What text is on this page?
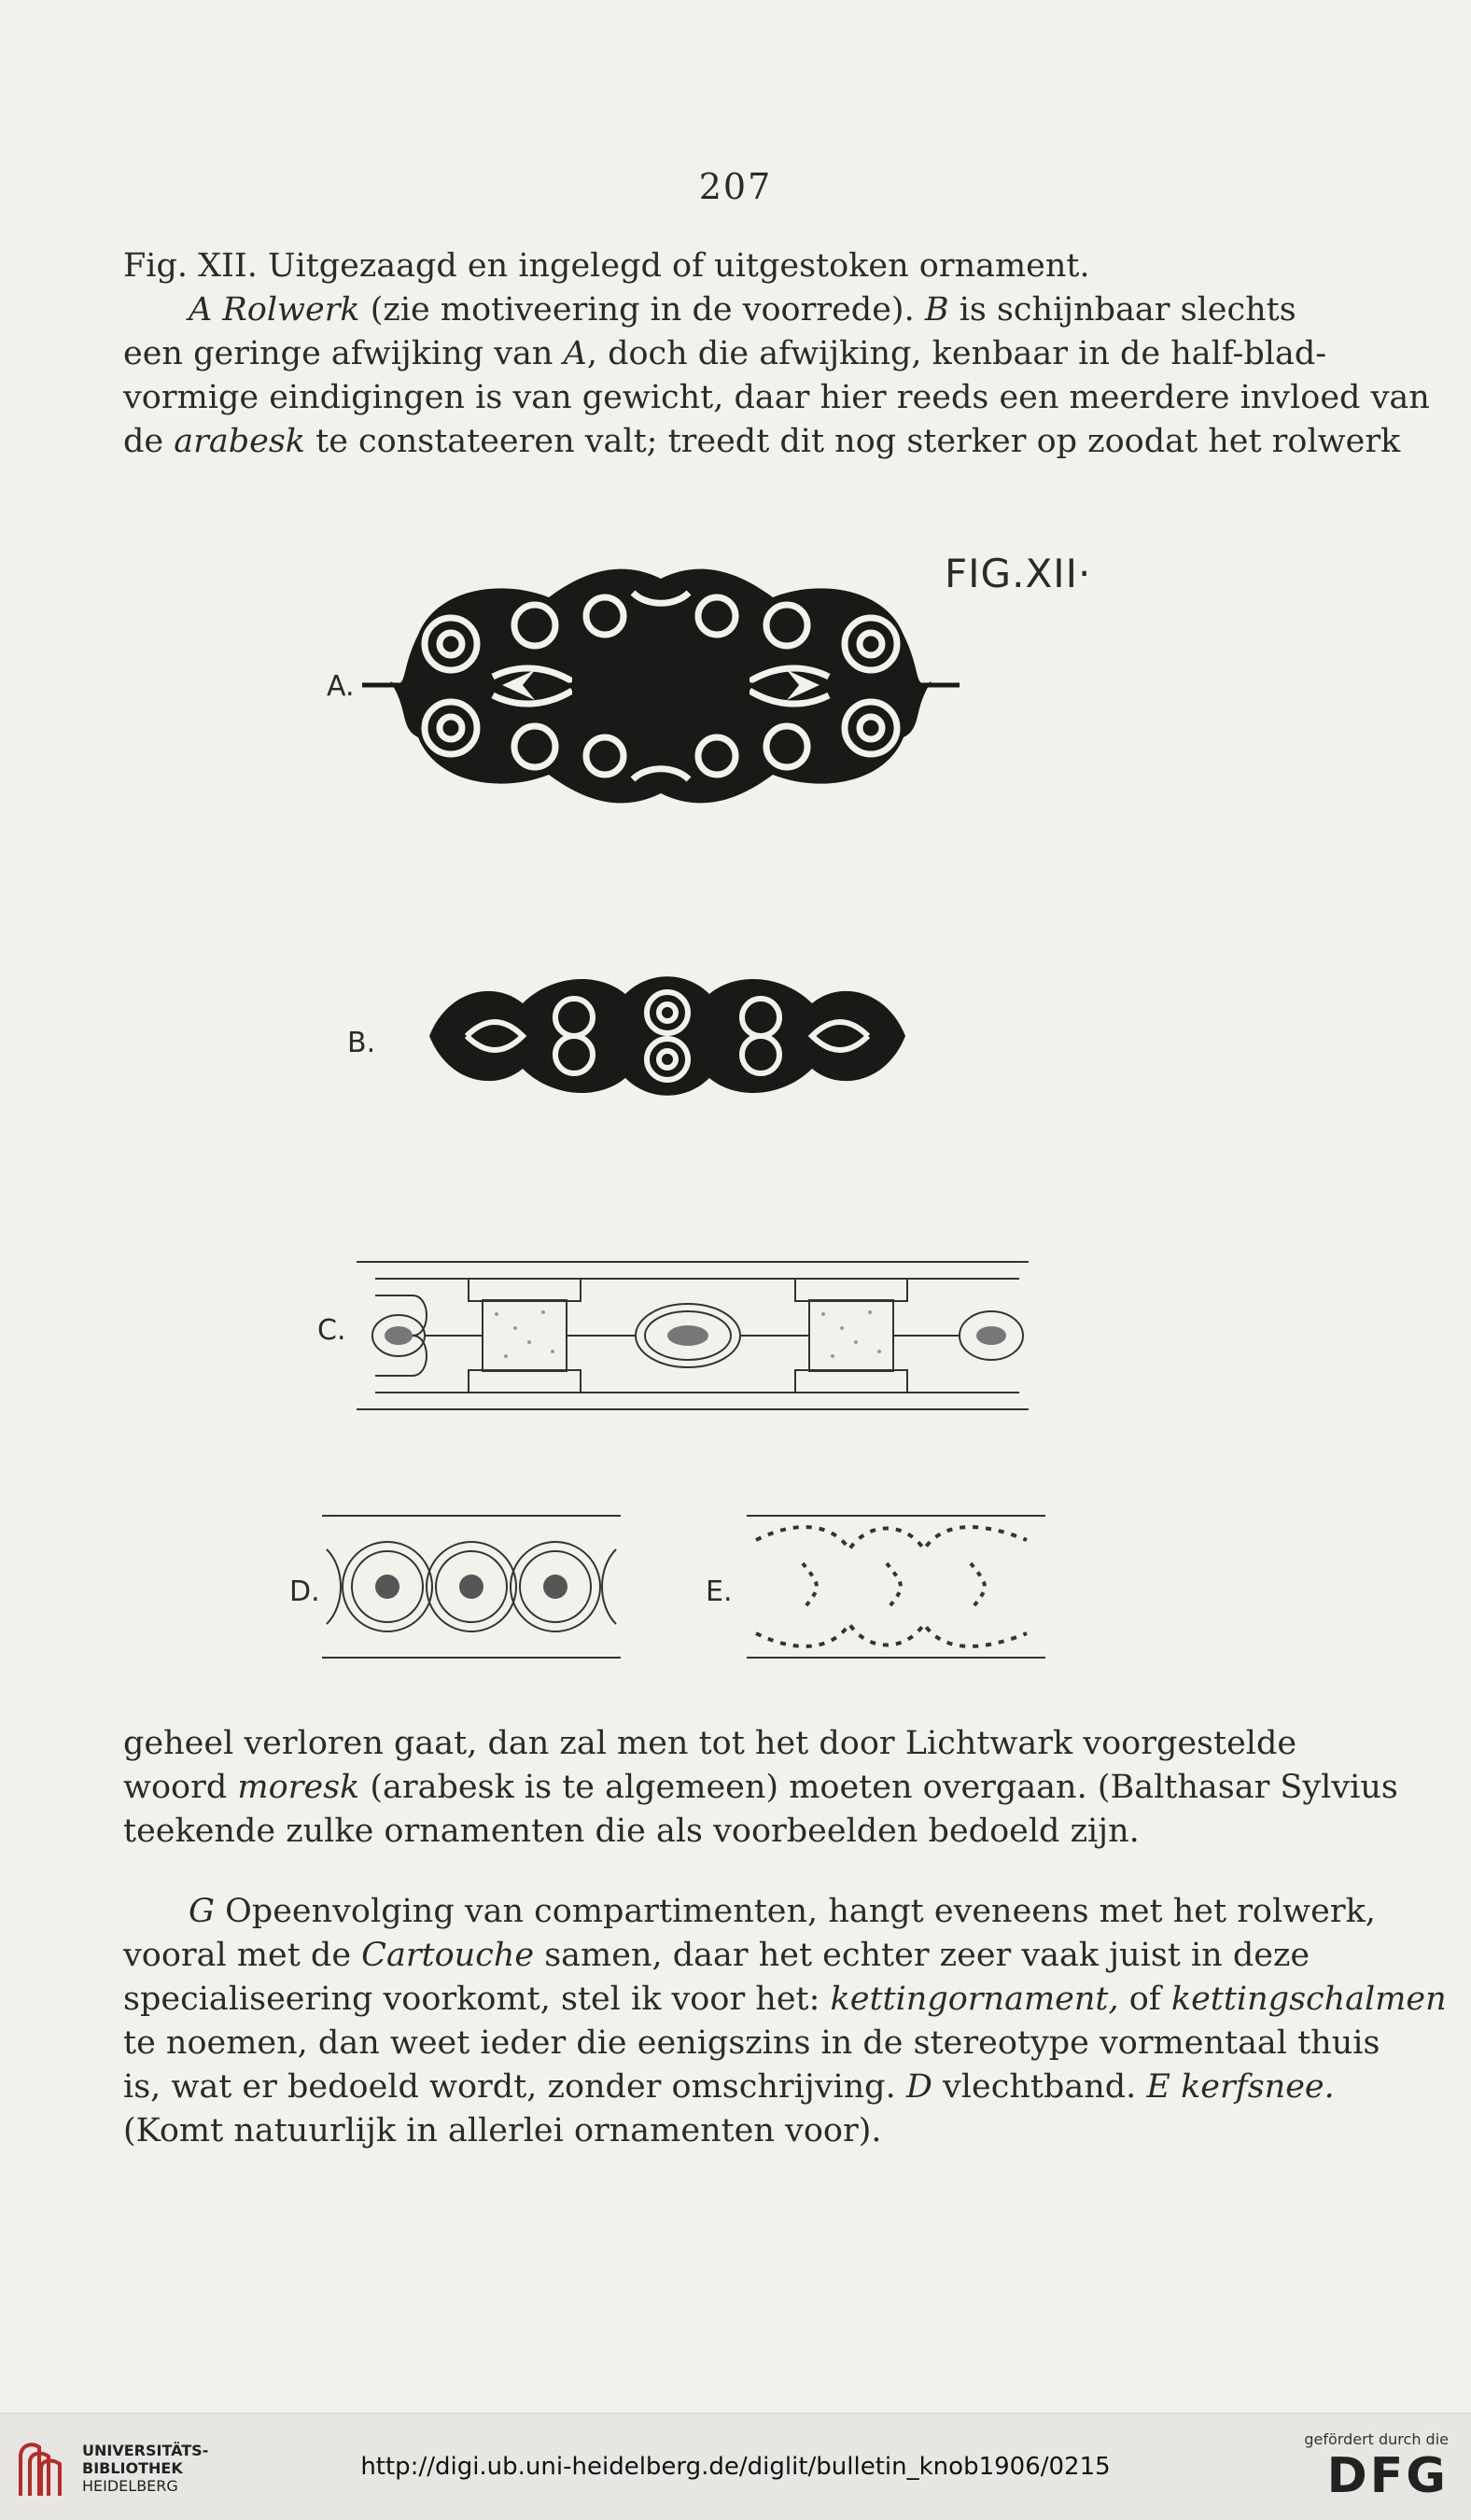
207
Fig. XII. Uitgezaagd en ingelegd of uitgestoken ornament.
  A Rolwerk (zie motiveering in de voorrede). B is schijnbaar slechts
een geringe afwijking van A, doch die afwijking, kenbaar in de half-blad-
vormige eindigingen is van gewicht, daar hier reeds een meerdere invloed van
de arabesk te constateeren valt; treedt dit nog sterker op zoodat het rolwerk
FIG.XII·
A.
B.
C.
D.	E.
geheel verloren gaat, dan zal men tot het door Lichtwark voorgestelde
woord moresk (arabesk is te algemeen) moeten overgaan. (Balthasar Sylvius
teekende zulke ornamenten die als voorbeelden bedoeld zijn.
  G Opeenvolging van compartimenten, hangt eveneens met het rolwerk,
vooral met de Cartouche samen, daar het echter zeer vaak juist in deze
specialiseering voorkomt, stel ik voor het: kettingornament, of kettingschalmen
te noemen, dan weet ieder die eenigszins in de stereotype vormentaal thuis
is, wat er bedoeld wordt, zonder omschrijving. D vlechtband. E kerfsnee.
(Komt natuurlijk in allerlei ornamenten voor).
UNIVERSITÄTS-
BIBLIOTHEK
HEIDELBERG
http://digi.ub.uni-heidelberg.de/diglit/bulletin_knob1906/0215
gefördert durch die
DFG
